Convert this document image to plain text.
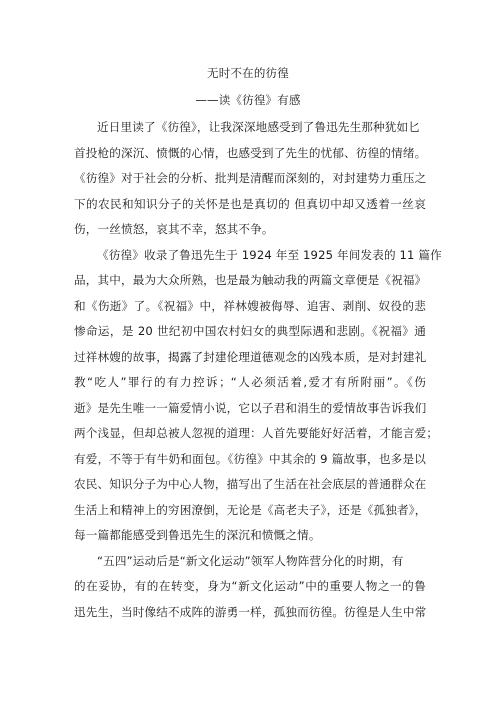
无时不在的彷徨
——读《彷徨》有感
近日里读了《彷徨》，让我深深地感受到了鲁迅先生那种犹如匕
首投枪的深沉、愤慨的心情，也感受到了先生的忧郁、彷徨的情绪。
《彷徨》对于社会的分析、批判是清醒而深刻的，对封建势力重压之
下的农民和知识分子的关怀是也是真切的 但真切中却又透着一丝哀
伤，一丝愤怒，哀其不幸，怒其不争。
《彷徨》收录了鲁迅先生于 1924 年至 1925 年间发表的 11 篇作
品，其中，最为大众所熟，也是最为触动我的两篇文章便是《祝福》
和《伤逝》了。《祝福》中，祥林嫂被侮辱、追害、剥削、奴役的悲
惨命运，是 20 世纪初中国农村妇女的典型际遇和悲剧。《祝福》通
过祥林嫂的故事，揭露了封建伦理道德观念的凶残本质，是对封建礼
教“吃人”罪行的有力控诉；“人必须活着,爱才有所附丽”。《伤
逝》是先生唯一一篇爱情小说，它以子君和涓生的爱情故事告诉我们
两个浅显，但却总被人忽视的道理：人首先要能好好活着，才能言爱；
有爱，不等于有牛奶和面包。《彷徨》中其余的 9 篇故事，也多是以
农民、知识分子为中心人物，描写出了生活在社会底层的普通群众在
生活上和精神上的穷困潦倒，无论是《高老夫子》，还是《孤独者》，
每一篇都能感受到鲁迅先生的深沉和愤慨之情。
“五四”运动后是“新文化运动”领军人物阵营分化的时期，有
的在妥协，有的在转变，身为“新文化运动”中的重要人物之一的鲁
迅先生，当时像结不成阵的游勇一样，孤独而彷徨。彷徨是人生中常
